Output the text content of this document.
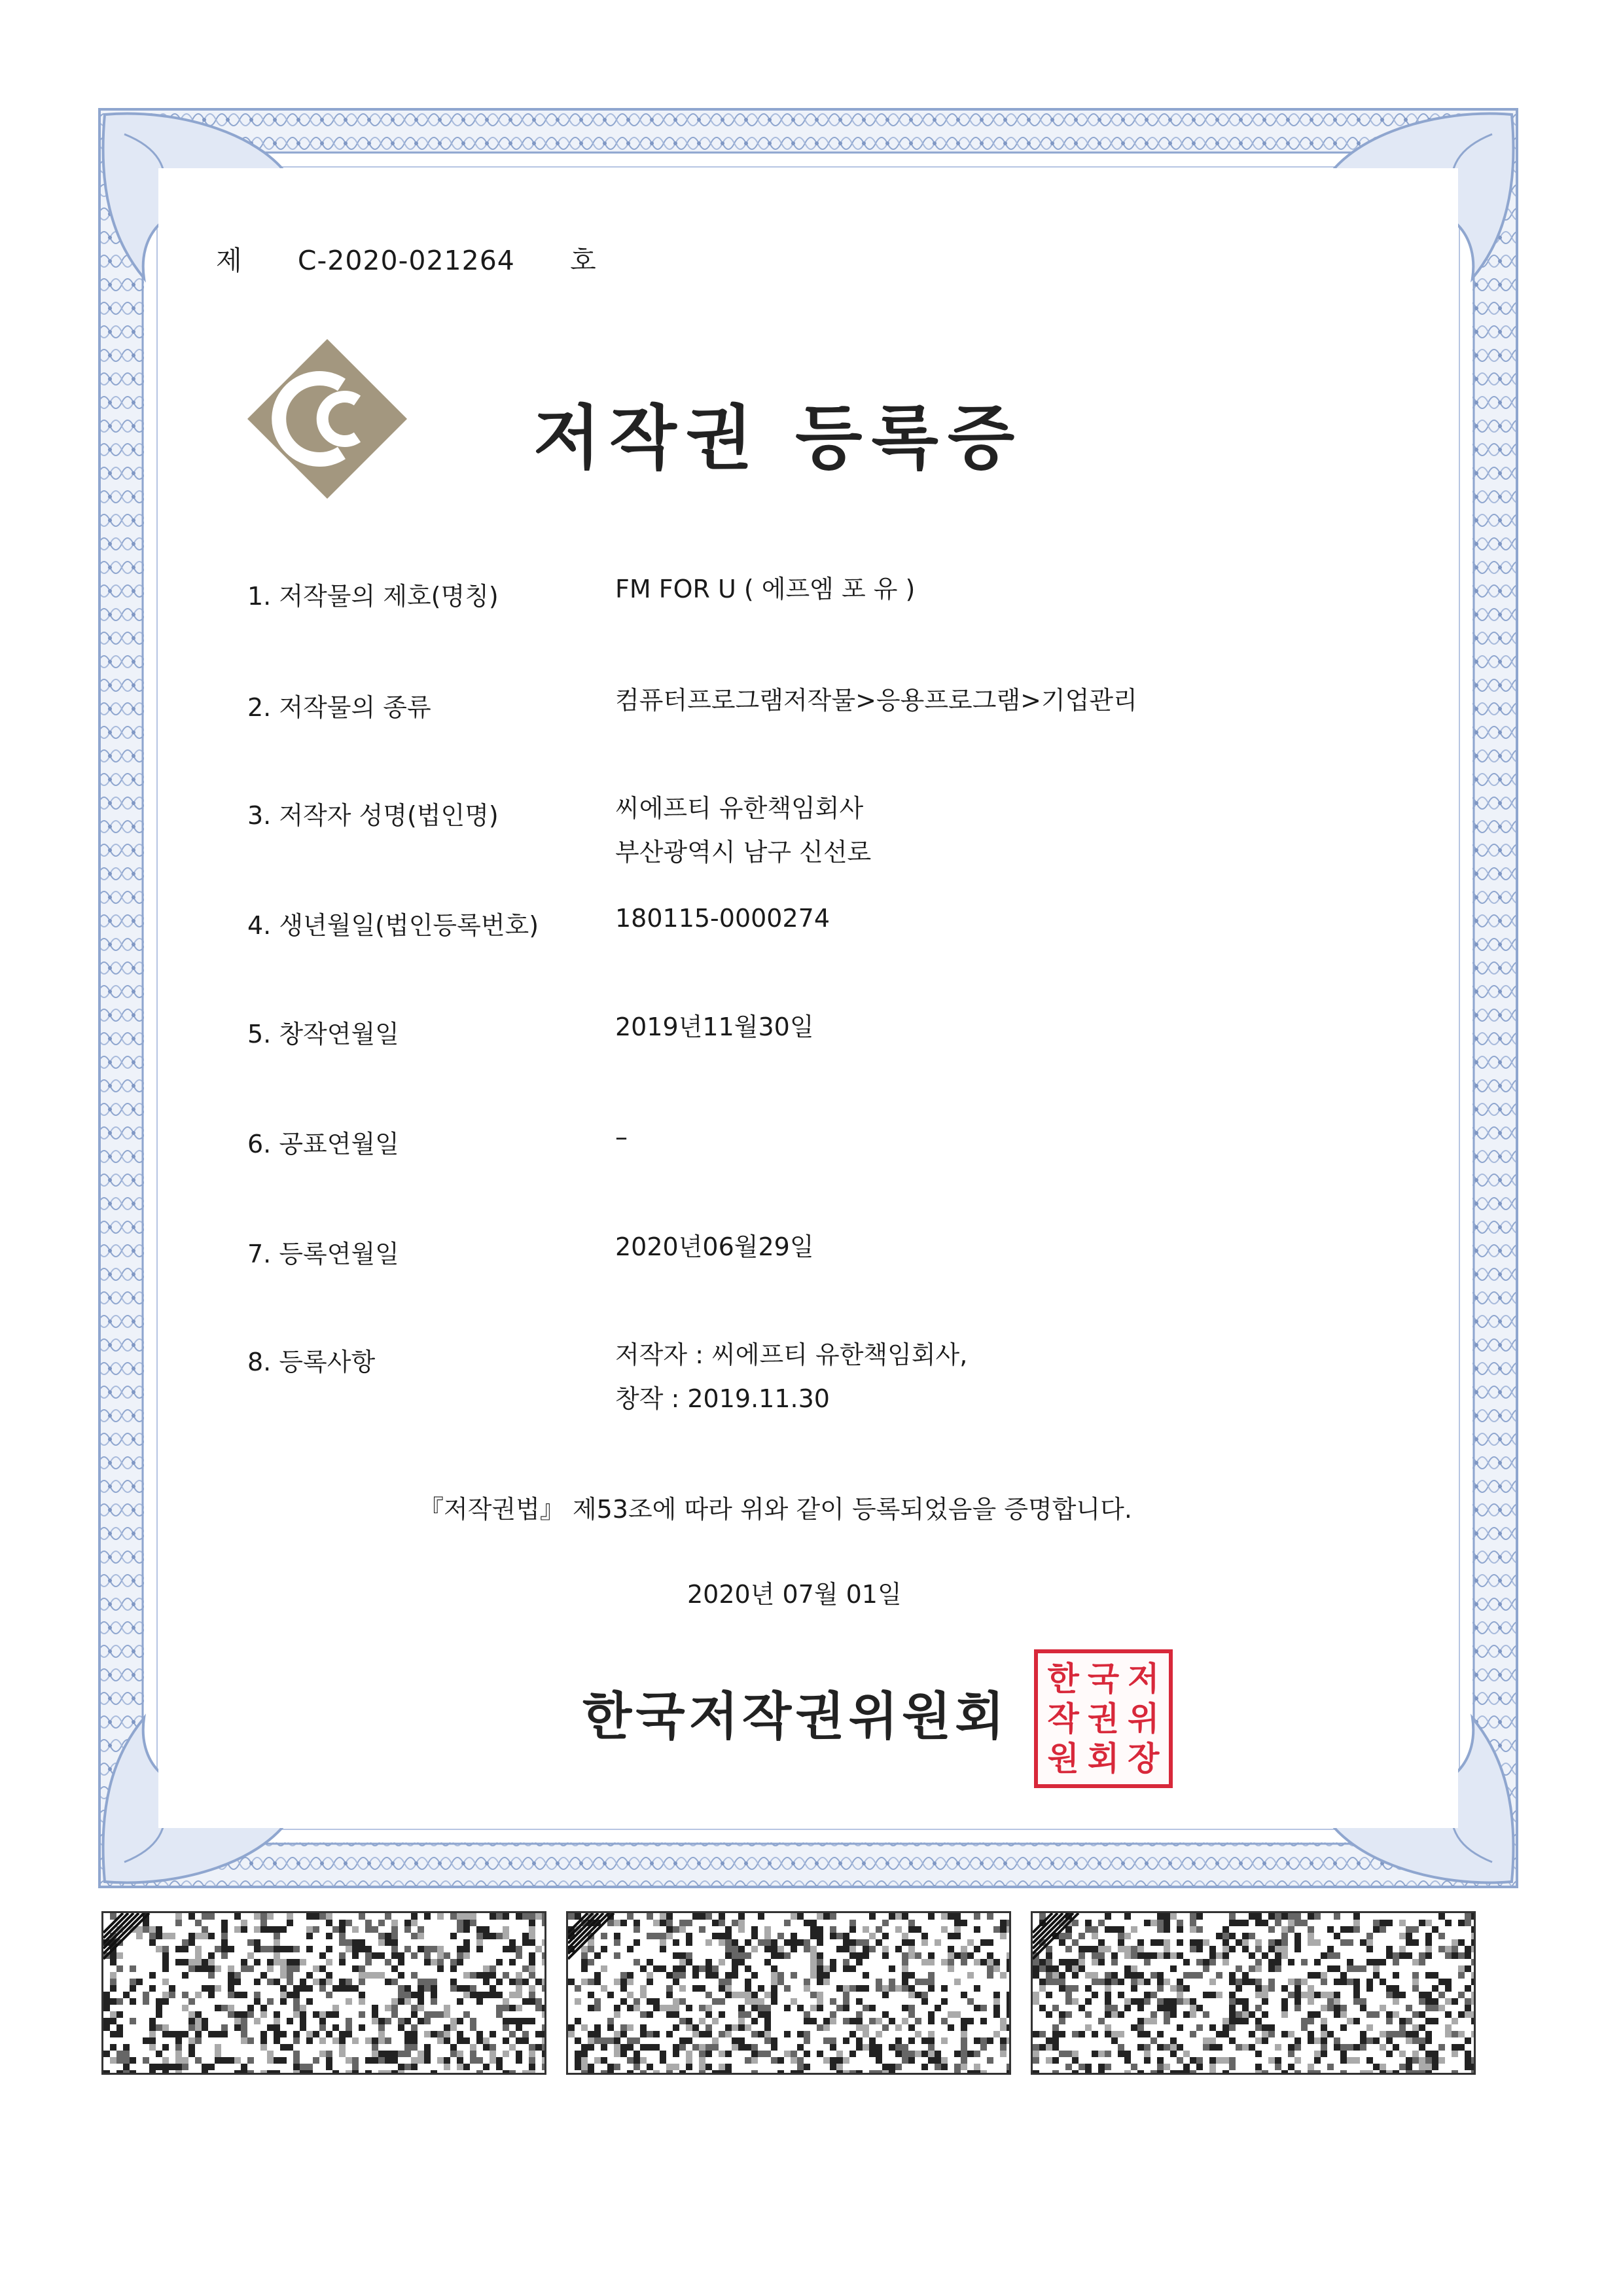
제 C-2020-021264 호
저작권 등록증
1. 저작물의 제호(명칭)	FM FOR U ( 에프엠 포 유 )
2. 저작물의 종류	컴퓨터프로그램저작물>응용프로그램>기업관리
3. 저작자 성명(법인명)	씨에프티 유한책임회사
부산광역시 남구 신선로
4. 생년월일(법인등록번호)	180115-0000274
5. 창작연월일	2019년11월30일
6. 공표연월일	–
7. 등록연월일	2020년06월29일
8. 등록사항	저작자 : 씨에프티 유한책임회사,
창작 : 2019.11.30
『저작권법』 제53조에 따라 위와 같이 등록되었음을 증명합니다.
2020년 07월 01일
한국저작권위원회
한 국 저
작 권 위
원 회 장
